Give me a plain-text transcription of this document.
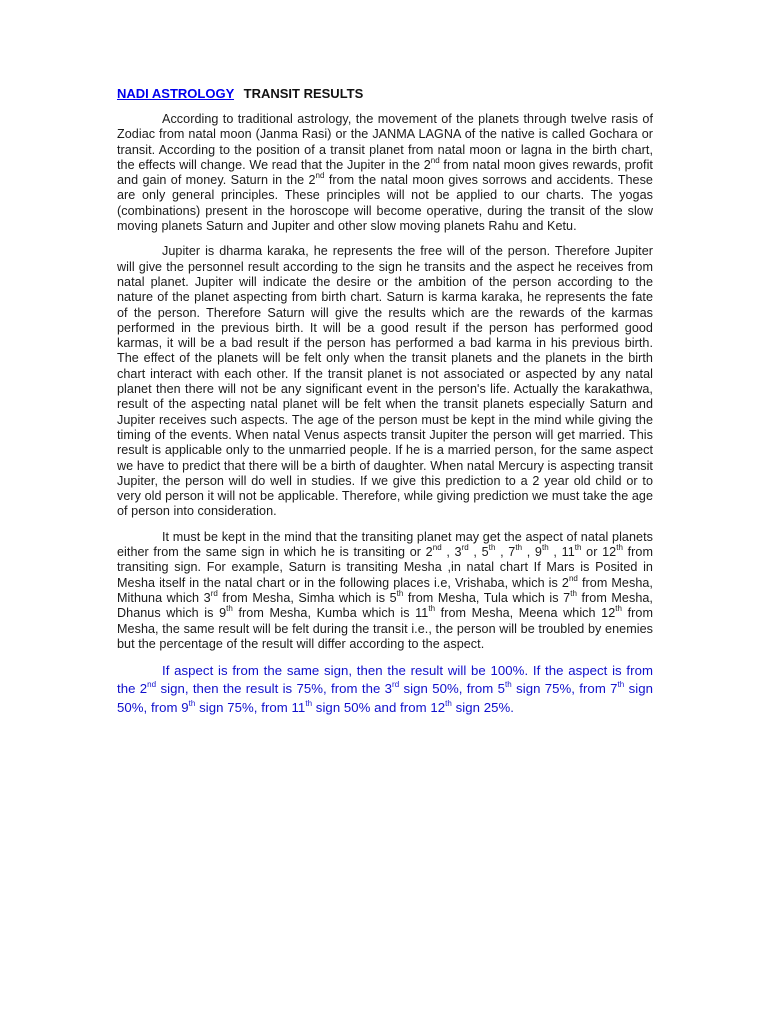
NADI ASTROLOGY TRANSIT RESULTS

According to traditional astrology, the movement of the planets through twelve rasis of Zodiac from natal moon (Janma Rasi) or the JANMA LAGNA of the native is called Gochara or transit. According to the position of a transit planet from natal moon or lagna in the birth chart, the effects will change. We read that the Jupiter in the 2nd from natal moon gives rewards, profit and gain of money. Saturn in the 2nd from the natal moon gives sorrows and accidents. These are only general principles. These principles will not be applied to our charts. The yogas (combinations) present in the horoscope will become operative, during the transit of the slow moving planets Saturn and Jupiter and other slow moving planets Rahu and Ketu.

Jupiter is dharma karaka, he represents the free will of the person. Therefore Jupiter will give the personnel result according to the sign he transits and the aspect he receives from natal planet. Jupiter will indicate the desire or the ambition of the person according to the nature of the planet aspecting from birth chart. Saturn is karma karaka, he represents the fate of the person. Therefore Saturn will give the results which are the rewards of the karmas performed in the previous birth. It will be a good result if the person has performed good karmas, it will be a bad result if the person has performed a bad karma in his previous birth. The effect of the planets will be felt only when the transit planets and the planets in the birth chart interact with each other. If the transit planet is not associated or aspected by any natal planet then there will not be any significant event in the person's life. Actually the karakathwa, result of the aspecting natal planet will be felt when the transit planets especially Saturn and Jupiter receives such aspects. The age of the person must be kept in the mind while giving the timing of the events. When natal Venus aspects transit Jupiter the person will get married. This result is applicable only to the unmarried people. If he is a married person, for the same aspect we have to predict that there will be a birth of daughter. When natal Mercury is aspecting transit Jupiter, the person will do well in studies. If we give this prediction to a 2 year old child or to very old person it will not be applicable. Therefore, while giving prediction we must take the age of person into consideration.

It must be kept in the mind that the transiting planet may get the aspect of natal planets either from the same sign in which he is transiting or 2nd , 3rd , 5th , 7th , 9th , 11th or 12th from transiting sign. For example, Saturn is transiting Mesha ,in natal chart If Mars is Posited in Mesha itself in the natal chart or in the following places i.e, Vrishaba, which is 2nd from Mesha, Mithuna which 3rd from Mesha, Simha which is 5th from Mesha, Tula which is 7th from Mesha, Dhanus which is 9th from Mesha, Kumba which is 11th from Mesha, Meena which 12th from Mesha, the same result will be felt during the transit i.e., the person will be troubled by enemies but the percentage of the result will differ according to the aspect.

If aspect is from the same sign, then the result will be 100%. If the aspect is from the 2nd sign, then the result is 75%, from the 3rd sign 50%, from 5th sign 75%, from 7th sign 50%, from 9th sign 75%, from 11th sign 50% and from 12th sign 25%.
